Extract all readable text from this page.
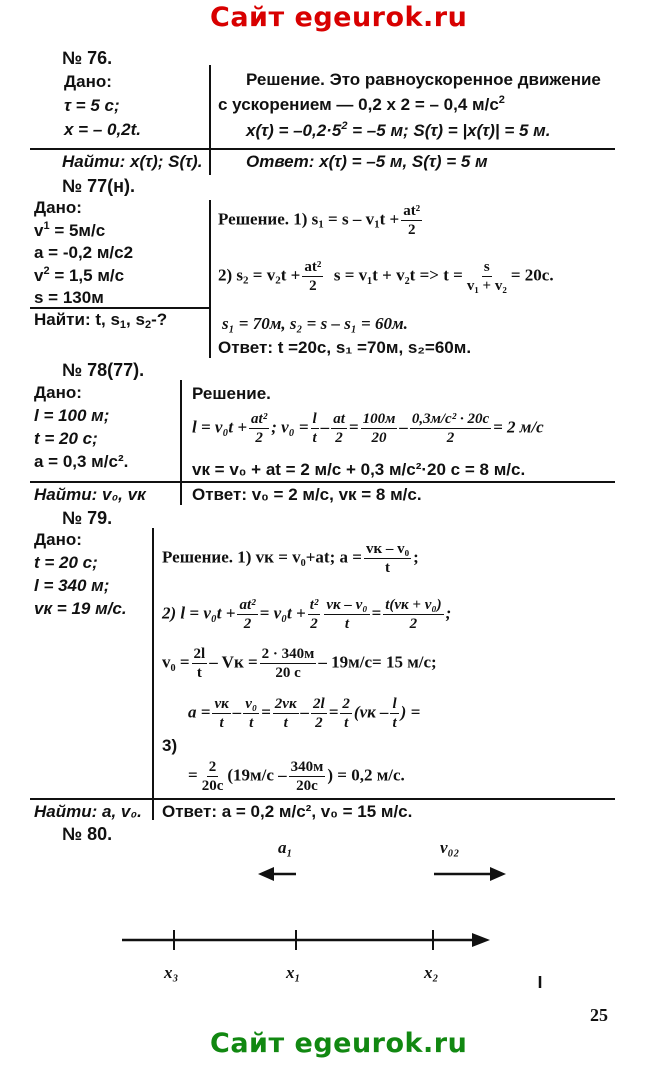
Сайт egeurok.ru
№ 76.
Дано:
τ = 5 с;
x = – 0,2t.
Решение. Это равноускоренное движение
с ускорением — 0,2 х 2 = – 0,4 $м/с^2$
$x(\tau) = -0,2\cdot 5^2 = -5$ м; S(τ) = |x(τ)| = 5 м.
Найти: x(τ); S(τ).	Ответ: x(τ) = –5 м, S(τ) = 5 м
№ 77(н).
Дано:
$v^1 = 5м/с$
a = -0,2 м/с2
$v^2 = 1,5$ м/с
s = 130м
Решение. 1) $s_1 = s - v_1t + \frac{\text{at²}}{2}$
2) $s_2 = v_2t + \frac{\text{at²}}{2}$ $s = v_1t + v_2t => t = \frac{s}{\text{v₁ + v₂}} = 20c$.
Найти: t, $s_1$, $s_2-$?	s₁ = 70м, s₂ = s – s₁ = 60м.
Ответ: t =20с, s₁ =70м, s₂=60м.
№ 78(77).
Дано:
l = 100 м;
t = 20 с;
a = 0,3 м/с².
Решение.
$l = v_0t + \frac{\text{at²}}{2}$ ; $v_0 = \frac{l}{t} - \frac{at}{2} = \frac{100м}{20} - \frac{\text{0,3м/с² · 20с}}{2} = 2$ м/с
vк = v₀ + at = 2 м/с + 0,3 м/с²·20 с = 8 м/с.
Найти: v₀, vк	Ответ: v₀ = 2 м/с, vк = 8 м/с.
№ 79.
Дано:
t = 20 с;
l = 340 м;
vк = 19 м/с.
Решение. 1) vк = v₀+at; $a = \frac{\text{vк – v₀}}{t}$ ;
2) $l = v_0t + \frac{\text{at²}}{2} = v_0t + \frac{\text{t²}}{2} \frac{\text{vк – v₀}}{t} = \frac{\text{t(vк + v₀)}}{2}$ ;
$v_0 = \frac{2l}{t}$ – Vк = $\frac{2 \cdot 340м}{20 с} - 19м/с= 15$ м/с;
$a = \frac{vк}{t} - \frac{\text{v₀}}{t} = \frac{2vк}{t} - \frac{2l}{2} = \frac{2}{t} (vк - \frac{l}{t}$ ) =
3)
= $\frac{2}{20c} (19м/с - \frac{340м}{20с}$ ) = 0,2 м/с.
Найти: a, v₀. Ответ: a = 0,2 м/с², v₀ = 15 м/с.
№ 80.
a₁	v₀₂
x₃	x₁	x₂
25
Сайт egeurok.ru
